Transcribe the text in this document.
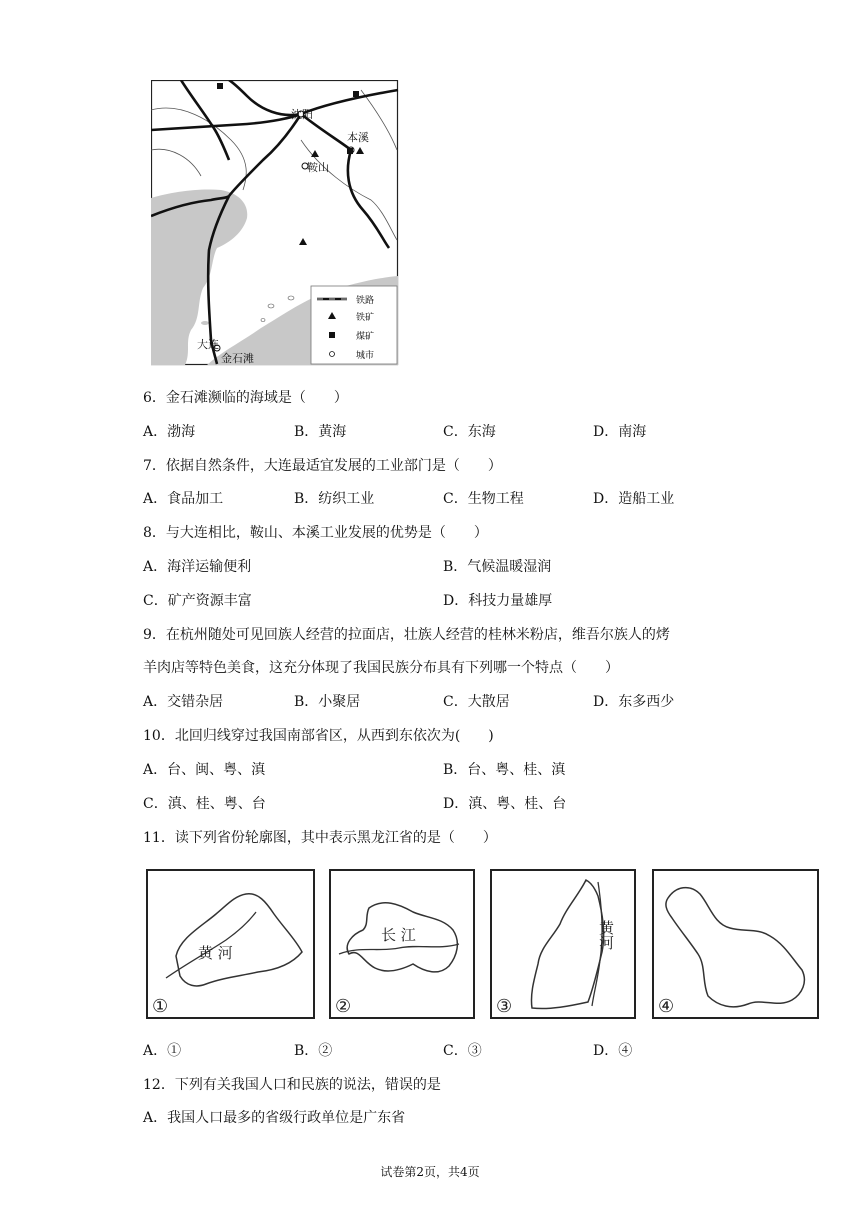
沈阳
本溪
鞍山
大连
金石滩
铁路
铁矿
煤矿
城市
6．金石滩濒临的海域是（　　）
A．渤海	B．黄海	C．东海	D．南海
7．依据自然条件，大连最适宜发展的工业部门是（　　）
A．食品加工	B．纺织工业	C．生物工程	D．造船工业
8．与大连相比，鞍山、本溪工业发展的优势是（　　）
A．海洋运输便利	B．气候温暖湿润
C．矿产资源丰富	D．科技力量雄厚
9．在杭州随处可见回族人经营的拉面店，壮族人经营的桂林米粉店，维吾尔族人的烤
羊肉店等特色美食，这充分体现了我国民族分布具有下列哪一个特点（　　）
A．交错杂居	B．小聚居	C．大散居	D．东多西少
10．北回归线穿过我国南部省区，从西到东依次为(　　)
A．台、闽、粤、滇	B．台、粤、桂、滇
C．滇、桂、粤、台	D．滇、粤、桂、台
11．读下列省份轮廓图，其中表示黑龙江省的是（　　）
黄 河
①
长 江
②
黄河
③	④
A．①	B．②	C．③	D．④
12．下列有关我国人口和民族的说法，错误的是
A．我国人口最多的省级行政单位是广东省
试卷第2页，共4页
